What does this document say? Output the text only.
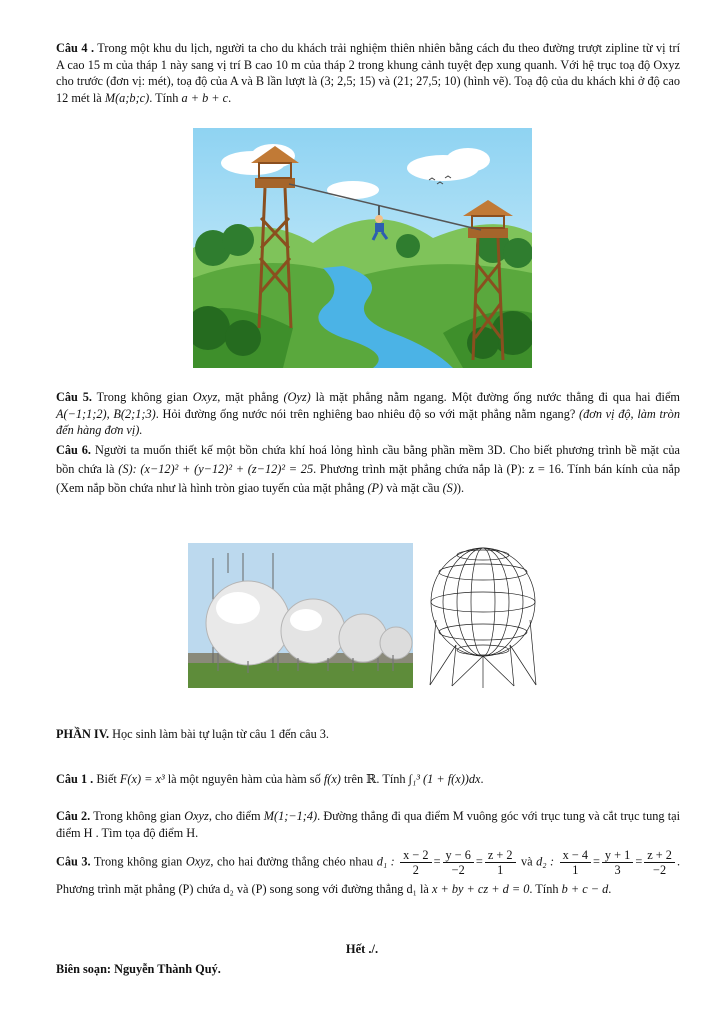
Câu 4 . Trong một khu du lịch, người ta cho du khách trải nghiệm thiên nhiên bằng cách đu theo đường trượt zipline từ vị trí A cao 15 m của tháp 1 này sang vị trí B cao 10 m của tháp 2 trong khung cảnh tuyệt đẹp xung quanh. Với hệ trục toạ độ Oxyz cho trước (đơn vị: mét), toạ độ của A và B lần lượt là (3; 2,5; 15) và (21; 27,5; 10) (hình vẽ). Toạ độ của du khách khi ở độ cao 12 mét là M(a;b;c). Tính a + b + c.
Câu 5. Trong không gian Oxyz, mặt phẳng (Oyz) là mặt phẳng nằm ngang. Một đường ống nước thẳng đi qua hai điểm A(−1;1;2), B(2;1;3). Hỏi đường ống nước nói trên nghiêng bao nhiêu độ so với mặt phẳng nằm ngang? (đơn vị độ, làm tròn đến hàng đơn vị).
Câu 6. Người ta muốn thiết kế một bồn chứa khí hoá lỏng hình cầu bằng phần mềm 3D. Cho biết phương trình bề mặt của bồn chứa là (S): (x−12)² + (y−12)² + (z−12)² = 25. Phương trình mặt phẳng chứa nắp là (P): z = 16. Tính bán kính của nắp (Xem nắp bồn chứa như là hình tròn giao tuyến của mặt phẳng (P) và mặt cầu (S)).
PHẦN IV. Học sinh làm bài tự luận từ câu 1 đến câu 3.
Câu 1 . Biết F(x) = x³ là một nguyên hàm của hàm số f(x) trên ℝ. Tính ∫₁³ (1 + f(x))dx.
Câu 2. Trong không gian Oxyz, cho điểm M(1;−1;4). Đường thẳng đi qua điểm M vuông góc với trục tung và cắt trục tung tại điểm H . Tìm tọa độ điểm H.
Câu 3. Trong không gian Oxyz, cho hai đường thẳng chéo nhau d₁ : $\frac{x - 2}{2} = \frac{y - 6}{-2} = \frac{z + 2}{1}$ và d₂ : $\frac{x - 4}{1} = \frac{y + 1}{3} = \frac{z + 2}{-2}$ . Phương trình mặt phẳng (P) chứa d₂ và (P) song song với đường thẳng d₁ là x + by + cz + d = 0. Tính b + c − d.
Hết ./.
Biên soạn: Nguyễn Thành Quý.
